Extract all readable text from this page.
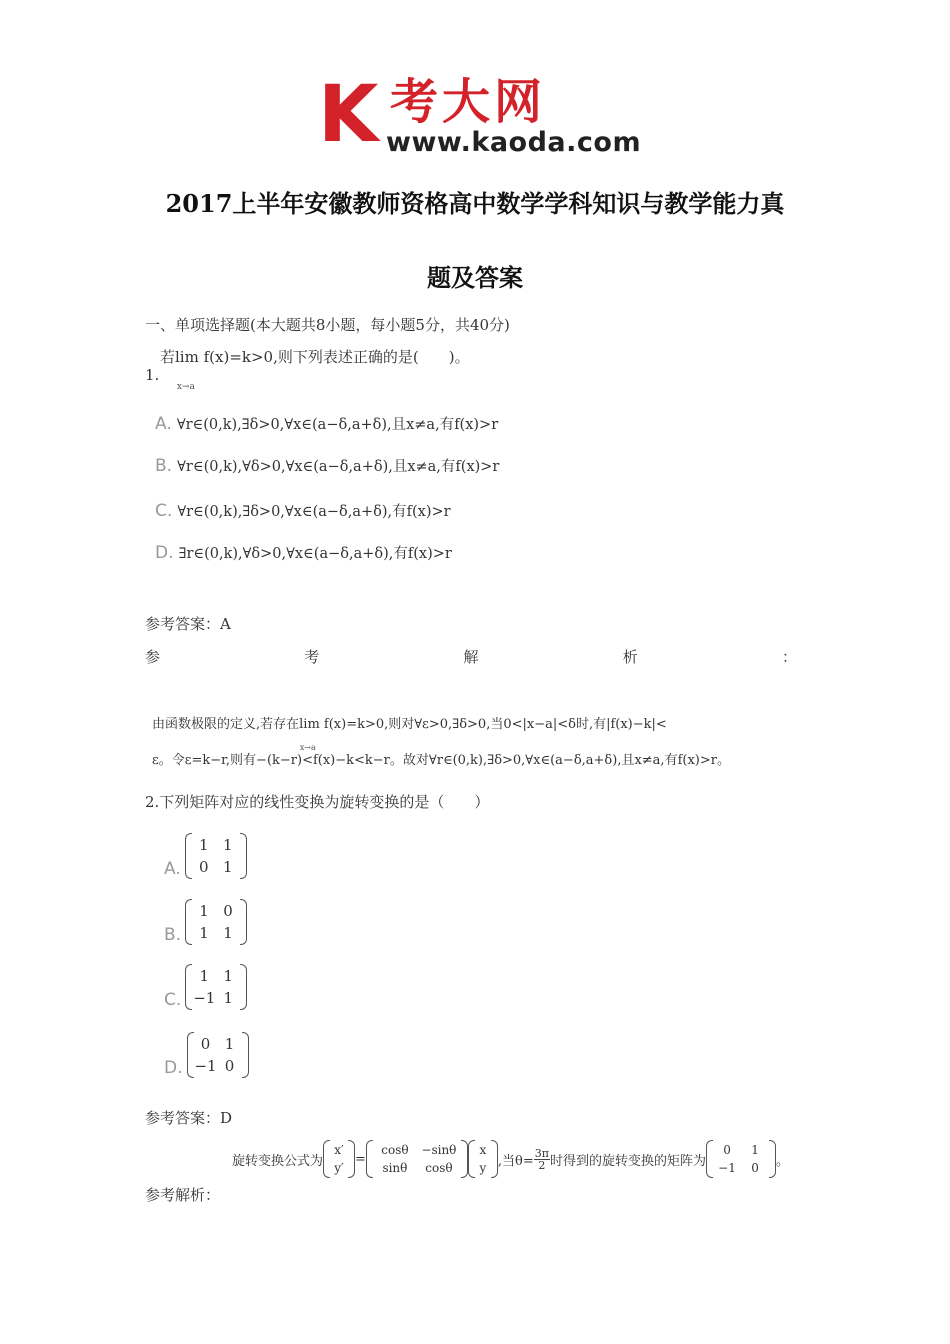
K 考大网
www.kaoda.com
2017上半年安徽教师资格高中数学学科知识与教学能力真
题及答案
一、单项选择题(本大题共8小题，每小题5分，共40分)
若lim
x→a
f(x)=k>0,则下列表述正确的是(　　)。
1.
A. ∀r∈(0,k),∃δ>0,∀x∈(a−δ,a+δ),且x≠a,有f(x)>r
B. ∀r∈(0,k),∀δ>0,∀x∈(a−δ,a+δ),且x≠a,有f(x)>r
C. ∀r∈(0,k),∃δ>0,∀x∈(a−δ,a+δ),有f(x)>r
D. ∃r∈(0,k),∀δ>0,∀x∈(a−δ,a+δ),有f(x)>r
参考答案：A
参	考	解	析	：
由函数极限的定义,若存在lim
x→a
f(x)=k>0,则对∀ε>0,∃δ>0,当0<|x−a|<δ时,有|f(x)−k|<
ε。令ε=k−r,则有−(k−r)<f(x)−k<k−r。故对∀r∈(0,k),∃δ>0,∀x∈(a−δ,a+δ),且x≠a,有f(x)>r。
2.下列矩阵对应的线性变换为旋转变换的是（　　）
A.
1 1
0 1
B.
1 0
1 1
C.
1 1
−1 1
D.
0 1
−1 0
参考答案：D
旋转变换公式为
x′
y′
=
cosθ	−sinθ
sinθ	cosθ
x
y ,当$\theta= \frac{3\pi}{2}$ 时得到的旋转变换的矩阵为
0	1
−1	0	。
参考解析：
